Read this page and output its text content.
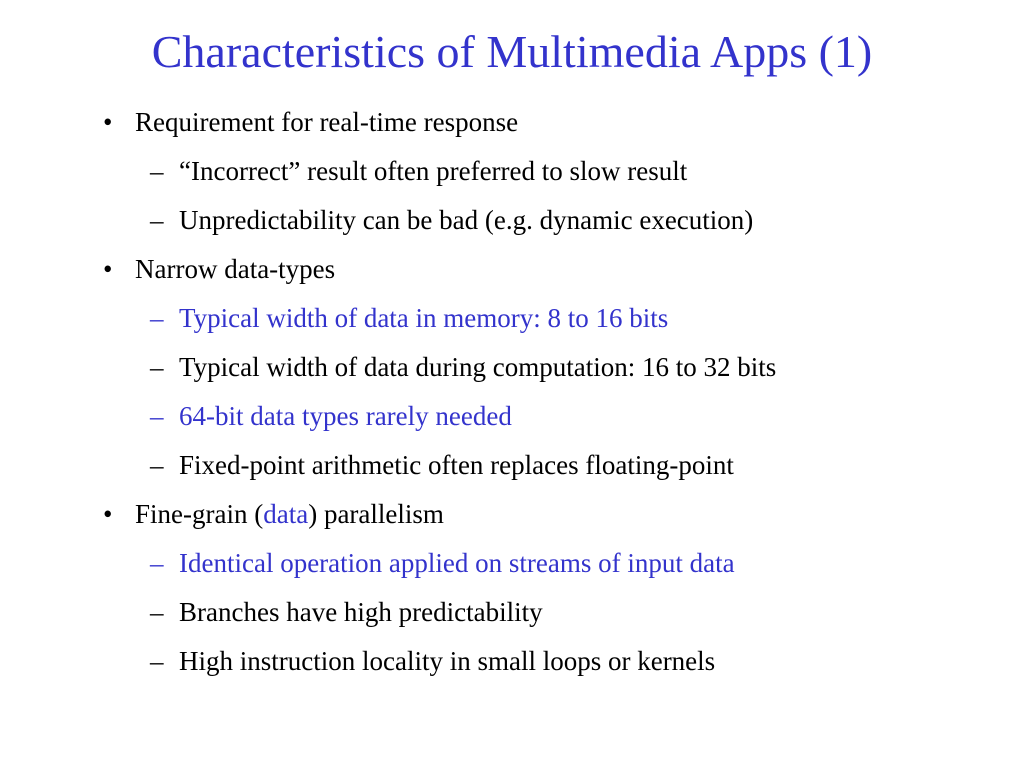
Characteristics of Multimedia Apps (1)
• Requirement for real-time response
– “Incorrect” result often preferred to slow result
– Unpredictability can be bad (e.g. dynamic execution)
• Narrow data-types
– Typical width of data in memory: 8 to 16 bits
– Typical width of data during computation: 16 to 32 bits
– 64-bit data types rarely needed
– Fixed-point arithmetic often replaces floating-point
• Fine-grain (data) parallelism
– Identical operation applied on streams of input data
– Branches have high predictability
– High instruction locality in small loops or kernels
